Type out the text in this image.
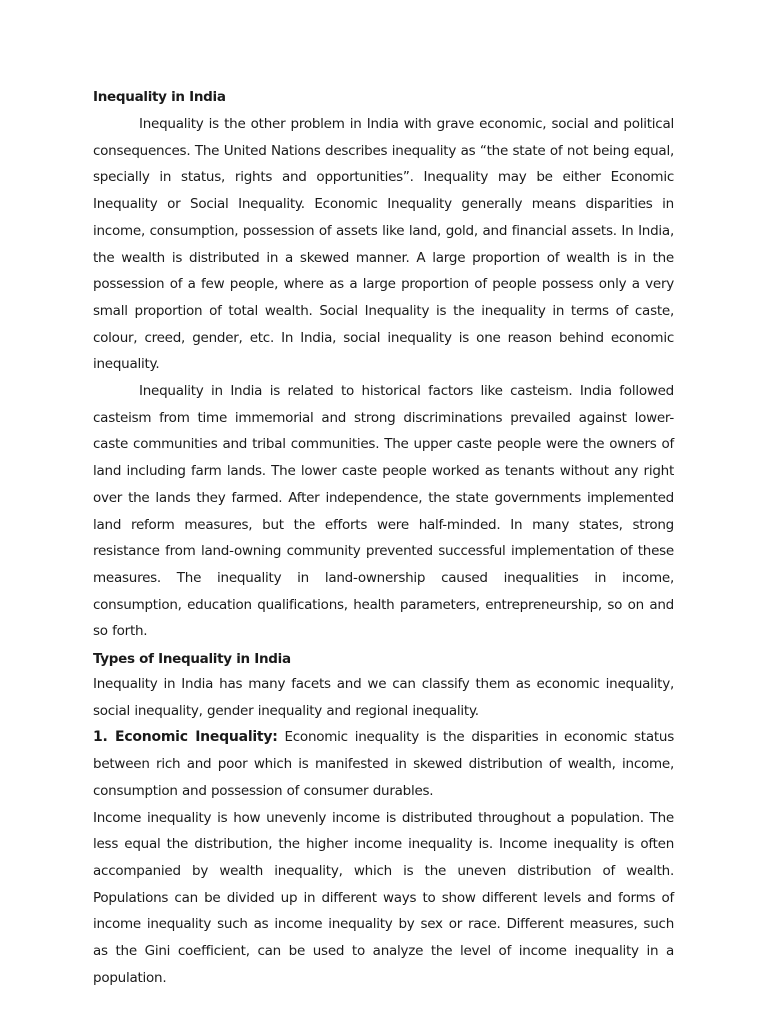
Inequality in India

Inequality is the other problem in India with grave economic, social and political consequences. The United Nations describes inequality as “the state of not being equal, specially in status, rights and opportunities”. Inequality may be either Economic Inequality or Social Inequality. Economic Inequality generally means disparities in income, consumption, possession of assets like land, gold, and financial assets. In India, the wealth is distributed in a skewed manner. A large proportion of wealth is in the possession of a few people, where as a large proportion of people possess only a very small proportion of total wealth. Social Inequality is the inequality in terms of caste, colour, creed, gender, etc. In India, social inequality is one reason behind economic inequality.

Inequality in India is related to historical factors like casteism. India followed casteism from time immemorial and strong discriminations prevailed against lower-caste communities and tribal communities. The upper caste people were the owners of land including farm lands. The lower caste people worked as tenants without any right over the lands they farmed. After independence, the state governments implemented land reform measures, but the efforts were half-minded. In many states, strong resistance from land-owning community prevented successful implementation of these measures. The inequality in land-ownership caused inequalities in income, consumption, education qualifications, health parameters, entrepreneurship, so on and so forth.

Types of Inequality in India

Inequality in India has many facets and we can classify them as economic inequality, social inequality, gender inequality and regional inequality.

1. Economic Inequality: Economic inequality is the disparities in economic status between rich and poor which is manifested in skewed distribution of wealth, income, consumption and possession of consumer durables.

Income inequality is how unevenly income is distributed throughout a population. The less equal the distribution, the higher income inequality is. Income inequality is often accompanied by wealth inequality, which is the uneven distribution of wealth. Populations can be divided up in different ways to show different levels and forms of income inequality such as income inequality by sex or race. Different measures, such as the Gini coefficient, can be used to analyze the level of income inequality in a population.
